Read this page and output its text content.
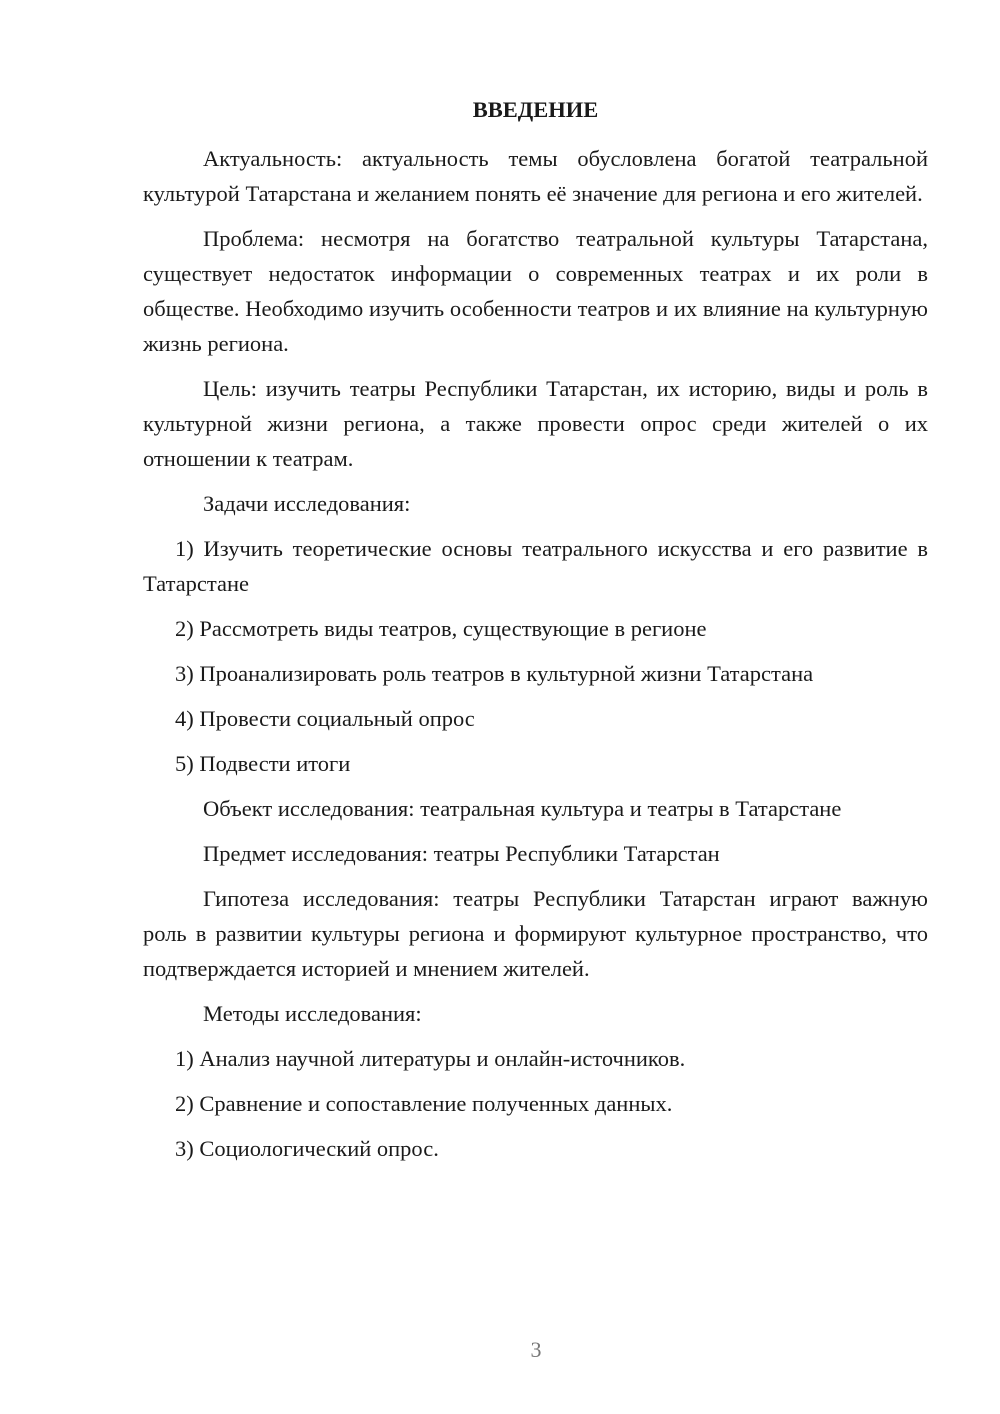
ВВЕДЕНИЕ

Актуальность: актуальность темы обусловлена богатой театральной культурой Татарстана и желанием понять её значение для региона и его жителей.

Проблема: несмотря на богатство театральной культуры Татарстана, существует недостаток информации о современных театрах и их роли в обществе. Необходимо изучить особенности театров и их влияние на культурную жизнь региона.

Цель: изучить театры Республики Татарстан, их историю, виды и роль в культурной жизни региона, а также провести опрос среди жителей о их отношении к театрам.

Задачи исследования:

1) Изучить теоретические основы театрального искусства и его развитие в Татарстане

2) Рассмотреть виды театров, существующие в регионе

3) Проанализировать роль театров в культурной жизни Татарстана

4) Провести социальный опрос

5) Подвести итоги

Объект исследования: театральная культура и театры в Татарстане

Предмет исследования: театры Республики Татарстан

Гипотеза исследования: театры Республики Татарстан играют важную роль в развитии культуры региона и формируют культурное пространство, что подтверждается историей и мнением жителей.

Методы исследования:

1) Анализ научной литературы и онлайн-источников.

2) Сравнение и сопоставление полученных данных.

3) Социологический опрос.

3
